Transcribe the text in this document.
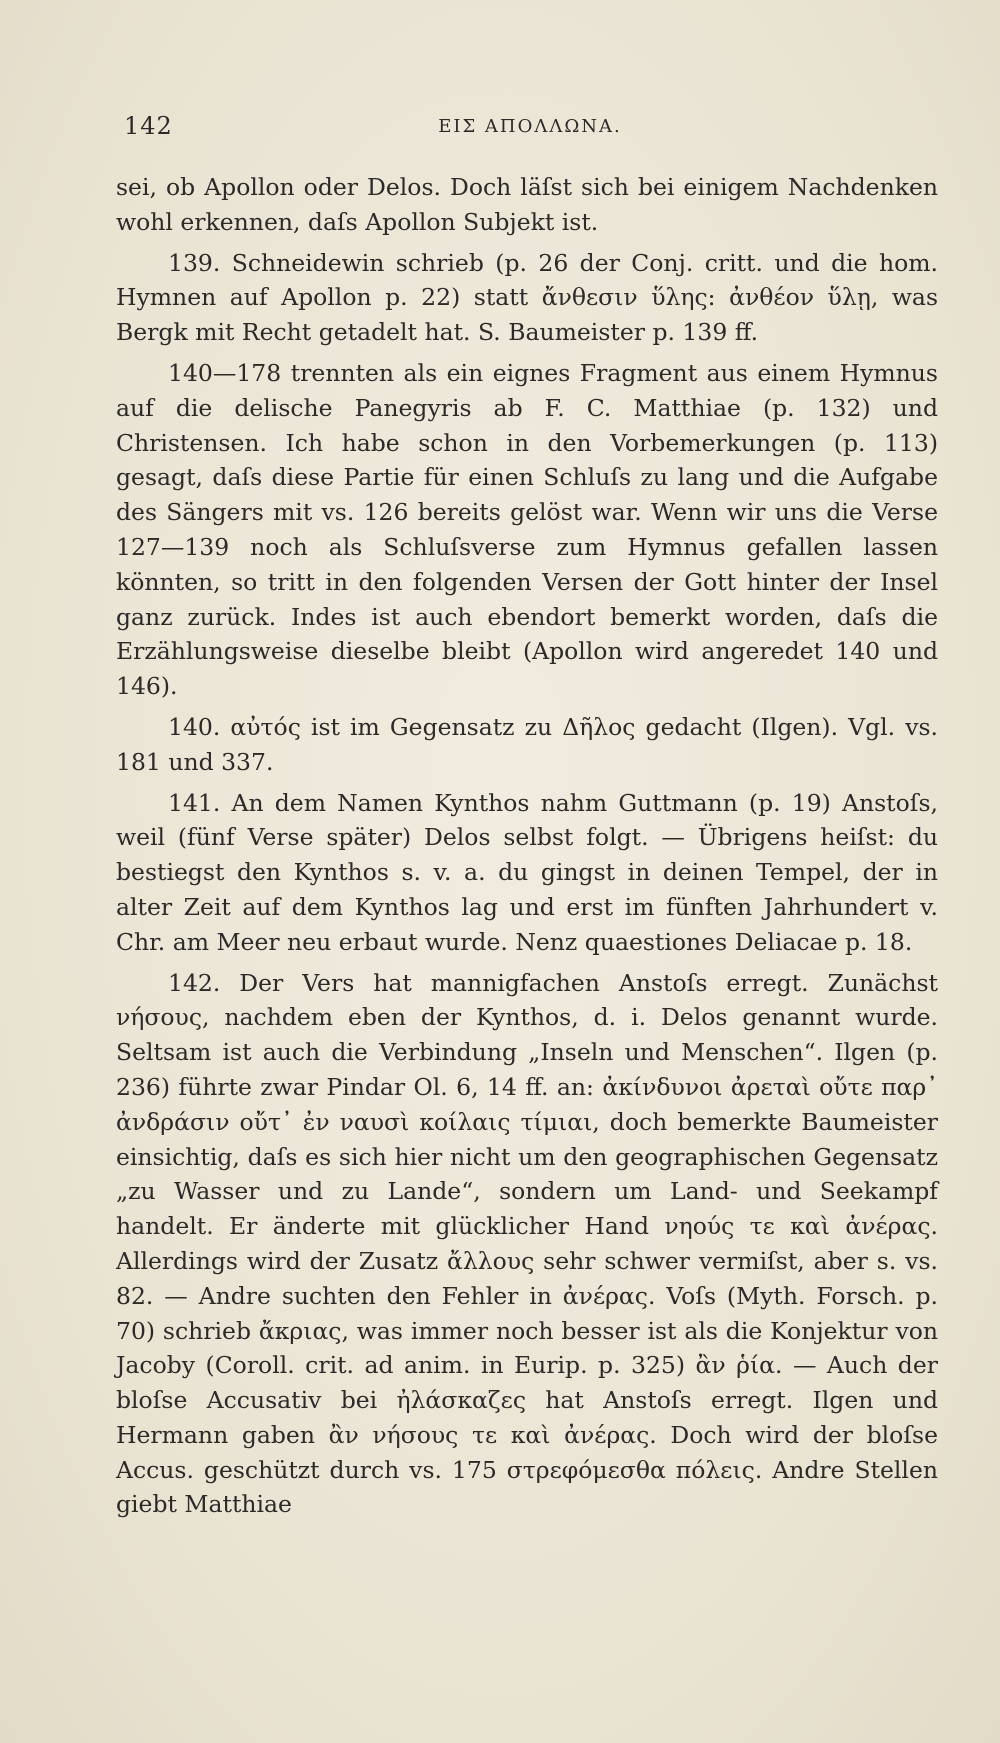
142	ΕΙΣ ΑΠΟΛΛΩΝΑ.

sei, ob Apollon oder Delos. Doch läſst sich bei einigem Nachdenken wohl erkennen, daſs Apollon Subjekt ist.

139. Schneidewin schrieb (p. 26 der Conj. critt. und die hom. Hymnen auf Apollon p. 22) statt ἄνθεσιν ὕλης: ἀνθέον ὕλῃ, was Bergk mit Recht getadelt hat. S. Baumeister p. 139 ff.

140—178 trennten als ein eignes Fragment aus einem Hymnus auf die delische Panegyris ab F. C. Matthiae (p. 132) und Christensen. Ich habe schon in den Vorbemerkungen (p. 113) gesagt, daſs diese Partie für einen Schluſs zu lang und die Aufgabe des Sängers mit vs. 126 bereits gelöst war. Wenn wir uns die Verse 127—139 noch als Schluſsverse zum Hymnus gefallen lassen könnten, so tritt in den folgenden Versen der Gott hinter der Insel ganz zurück. Indes ist auch ebendort bemerkt worden, daſs die Erzählungsweise dieselbe bleibt (Apollon wird angeredet 140 und 146).

140. αὐτός ist im Gegensatz zu Δῆλος gedacht (Ilgen). Vgl. vs. 181 und 337.

141. An dem Namen Kynthos nahm Guttmann (p. 19) Anstoſs, weil (fünf Verse später) Delos selbst folgt. — Übrigens heiſst: du bestiegst den Kynthos s. v. a. du gingst in deinen Tempel, der in alter Zeit auf dem Kynthos lag und erst im fünften Jahrhundert v. Chr. am Meer neu erbaut wurde. Nenz quaestiones Deliacae p. 18.

142. Der Vers hat mannigfachen Anstoſs erregt. Zunächst νήσους, nachdem eben der Kynthos, d. i. Delos genannt wurde. Seltsam ist auch die Verbindung „Inseln und Menschen“. Ilgen (p. 236) führte zwar Pindar Ol. 6, 14 ff. an: ἀκίνδυνοι ἀρεταὶ οὔτε παρ᾽ ἀνδράσιν οὔτ᾽ ἐν ναυσὶ κοίλαις τίμιαι, doch bemerkte Baumeister einsichtig, daſs es sich hier nicht um den geographischen Gegensatz „zu Wasser und zu Lande“, sondern um Land- und Seekampf handelt. Er änderte mit glücklicher Hand νηούς τε καὶ ἀνέρας. Allerdings wird der Zusatz ἄλλους sehr schwer vermiſst, aber s. vs. 82. — Andre suchten den Fehler in ἀνέρας. Voſs (Myth. Forsch. p. 70) schrieb ἄκριας, was immer noch besser ist als die Konjektur von Jacoby (Coroll. crit. ad anim. in Eurip. p. 325) ἂν ῥία. — Auch der bloſse Accusativ bei ἠλάσκαζες hat Anstoſs erregt. Ilgen und Hermann gaben ἂν νήσους τε καὶ ἀνέρας. Doch wird der bloſse Accus. geschützt durch vs. 175 στρεφόμεσθα πόλεις. Andre Stellen giebt Matthiae
